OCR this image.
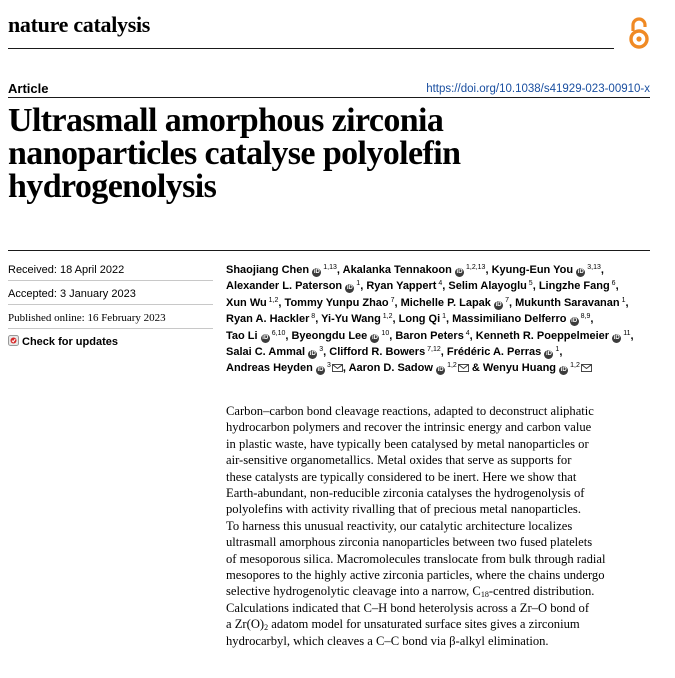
nature catalysis
Article	https://doi.org/10.1038/s41929-023-00910-x
Ultrasmall amorphous zirconia
nanoparticles catalyse polyolefin
hydrogenolysis
Received: 18 April 2022
Accepted: 3 January 2023
Published online: 16 February 2023
Check for updates
Shaojiang Chen  iD $^{1,13}$, Akalanka Tennakoon  iD $^{1,2,13}$, Kyung-Eun You  iD $^{3,13}$,
Alexander L. Paterson  iD $^1$, Ryan Yappert $^4$, Selim Alayoglu $^5$, Lingzhe Fang $^6$,
Xun Wu $^{1,2}$, Tommy Yunpu Zhao $^7$, Michelle P. Lapak  iD $^7$, Mukunth Saravanan $^1$,
Ryan A. Hackler $^8$, Yi-Yu Wang $^{1,2}$, Long Qi $^1$, Massimiliano Delferro  iD $^{8,9}$,
Tao Li  iD $^{6,10}$, Byeongdu Lee  iD $^{10}$, Baron Peters $^4$, Kenneth R. Poeppelmeier  iD $^{11}$,
Salai C. Ammal  iD $^3$, Clifford R. Bowers $^{7,12}$, Frédéric A. Perras  iD $^1$,
Andreas Heyden  iD $^3$ , Aaron D. Sadow  iD $^{1,2}$ & Wenyu Huang  iD $^{1,2}$
Carbon–carbon bond cleavage reactions, adapted to deconstruct aliphatic
hydrocarbon polymers and recover the intrinsic energy and carbon value
in plastic waste, have typically been catalysed by metal nanoparticles or
air-sensitive organometallics. Metal oxides that serve as supports for
these catalysts are typically considered to be inert. Here we show that
Earth-abundant, non-reducible zirconia catalyses the hydrogenolysis of
polyolefins with activity rivalling that of precious metal nanoparticles.
To harness this unusual reactivity, our catalytic architecture localizes
ultrasmall amorphous zirconia nanoparticles between two fused platelets
of mesoporous silica. Macromolecules translocate from bulk through radial
mesopores to the highly active zirconia particles, where the chains undergo
selective hydrogenolytic cleavage into a narrow, $C_{18}$-centred distribution.
Calculations indicated that C–H bond heterolysis across a Zr–O bond of
a $Zr(O)_2$ adatom model for unsaturated surface sites gives a zirconium
hydrocarbyl, which cleaves a C–C bond via β-alkyl elimination.
